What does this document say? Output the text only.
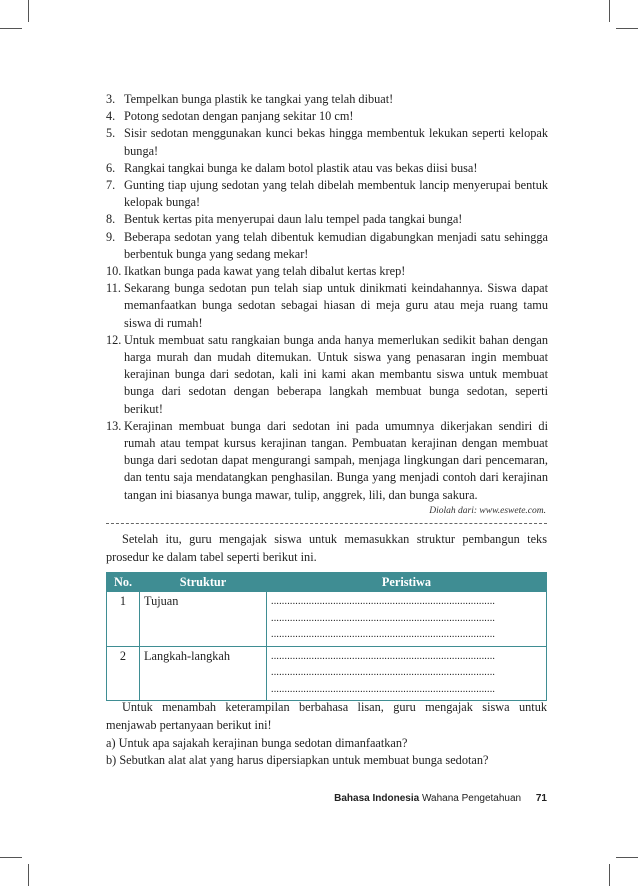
3. Tempelkan bunga plastik ke tangkai yang telah dibuat!
4. Potong sedotan dengan panjang sekitar 10 cm!
5. Sisir sedotan menggunakan kunci bekas hingga membentuk lekukan seperti kelopak bunga!
6. Rangkai tangkai bunga ke dalam botol plastik atau vas bekas diisi busa!
7. Gunting tiap ujung sedotan yang telah dibelah membentuk lancip menyerupai bentuk kelopak bunga!
8. Bentuk kertas pita menyerupai daun lalu tempel pada tangkai bunga!
9. Beberapa sedotan yang telah dibentuk kemudian digabungkan menjadi satu sehingga berbentuk bunga yang sedang mekar!
10. Ikatkan bunga pada kawat yang telah dibalut kertas krep!
11. Sekarang bunga sedotan pun telah siap untuk dinikmati keindahannya. Siswa dapat memanfaatkan bunga sedotan sebagai hiasan di meja guru atau meja ruang tamu siswa di rumah!
12. Untuk membuat satu rangkaian bunga anda hanya memerlukan sedikit bahan dengan harga murah dan mudah ditemukan. Untuk siswa yang penasaran ingin membuat kerajinan bunga dari sedotan, kali ini kami akan membantu siswa untuk membuat bunga dari sedotan dengan beberapa langkah membuat bunga sedotan, seperti berikut!
13. Kerajinan membuat bunga dari sedotan ini pada umumnya dikerjakan sendiri di rumah atau tempat kursus kerajinan tangan. Pembuatan kerajinan dengan membuat bunga dari sedotan dapat mengurangi sampah, menjaga lingkungan dari pencemaran, dan tentu saja mendatangkan penghasilan. Bunga yang menjadi contoh dari kerajinan tangan ini biasanya bunga mawar, tulip, anggrek, lili, dan bunga sakura.
Diolah dari: www.eswete.com.
Setelah itu, guru mengajak siswa untuk memasukkan struktur pembangun teks prosedur ke dalam tabel seperti berikut ini.
No.	Struktur	Peristiwa
1	Tujuan	...................................................................................
...................................................................................
...................................................................................

2	Langkah-langkah	...................................................................................
...................................................................................
...................................................................................
Untuk menambah keterampilan berbahasa lisan, guru mengajak siswa untuk menjawab pertanyaan berikut ini!
a) Untuk apa sajakah kerajinan bunga sedotan dimanfaatkan?
b) Sebutkan alat alat yang harus dipersiapkan untuk membuat bunga sedotan?
Bahasa Indonesia Wahana Pengetahuan 71
